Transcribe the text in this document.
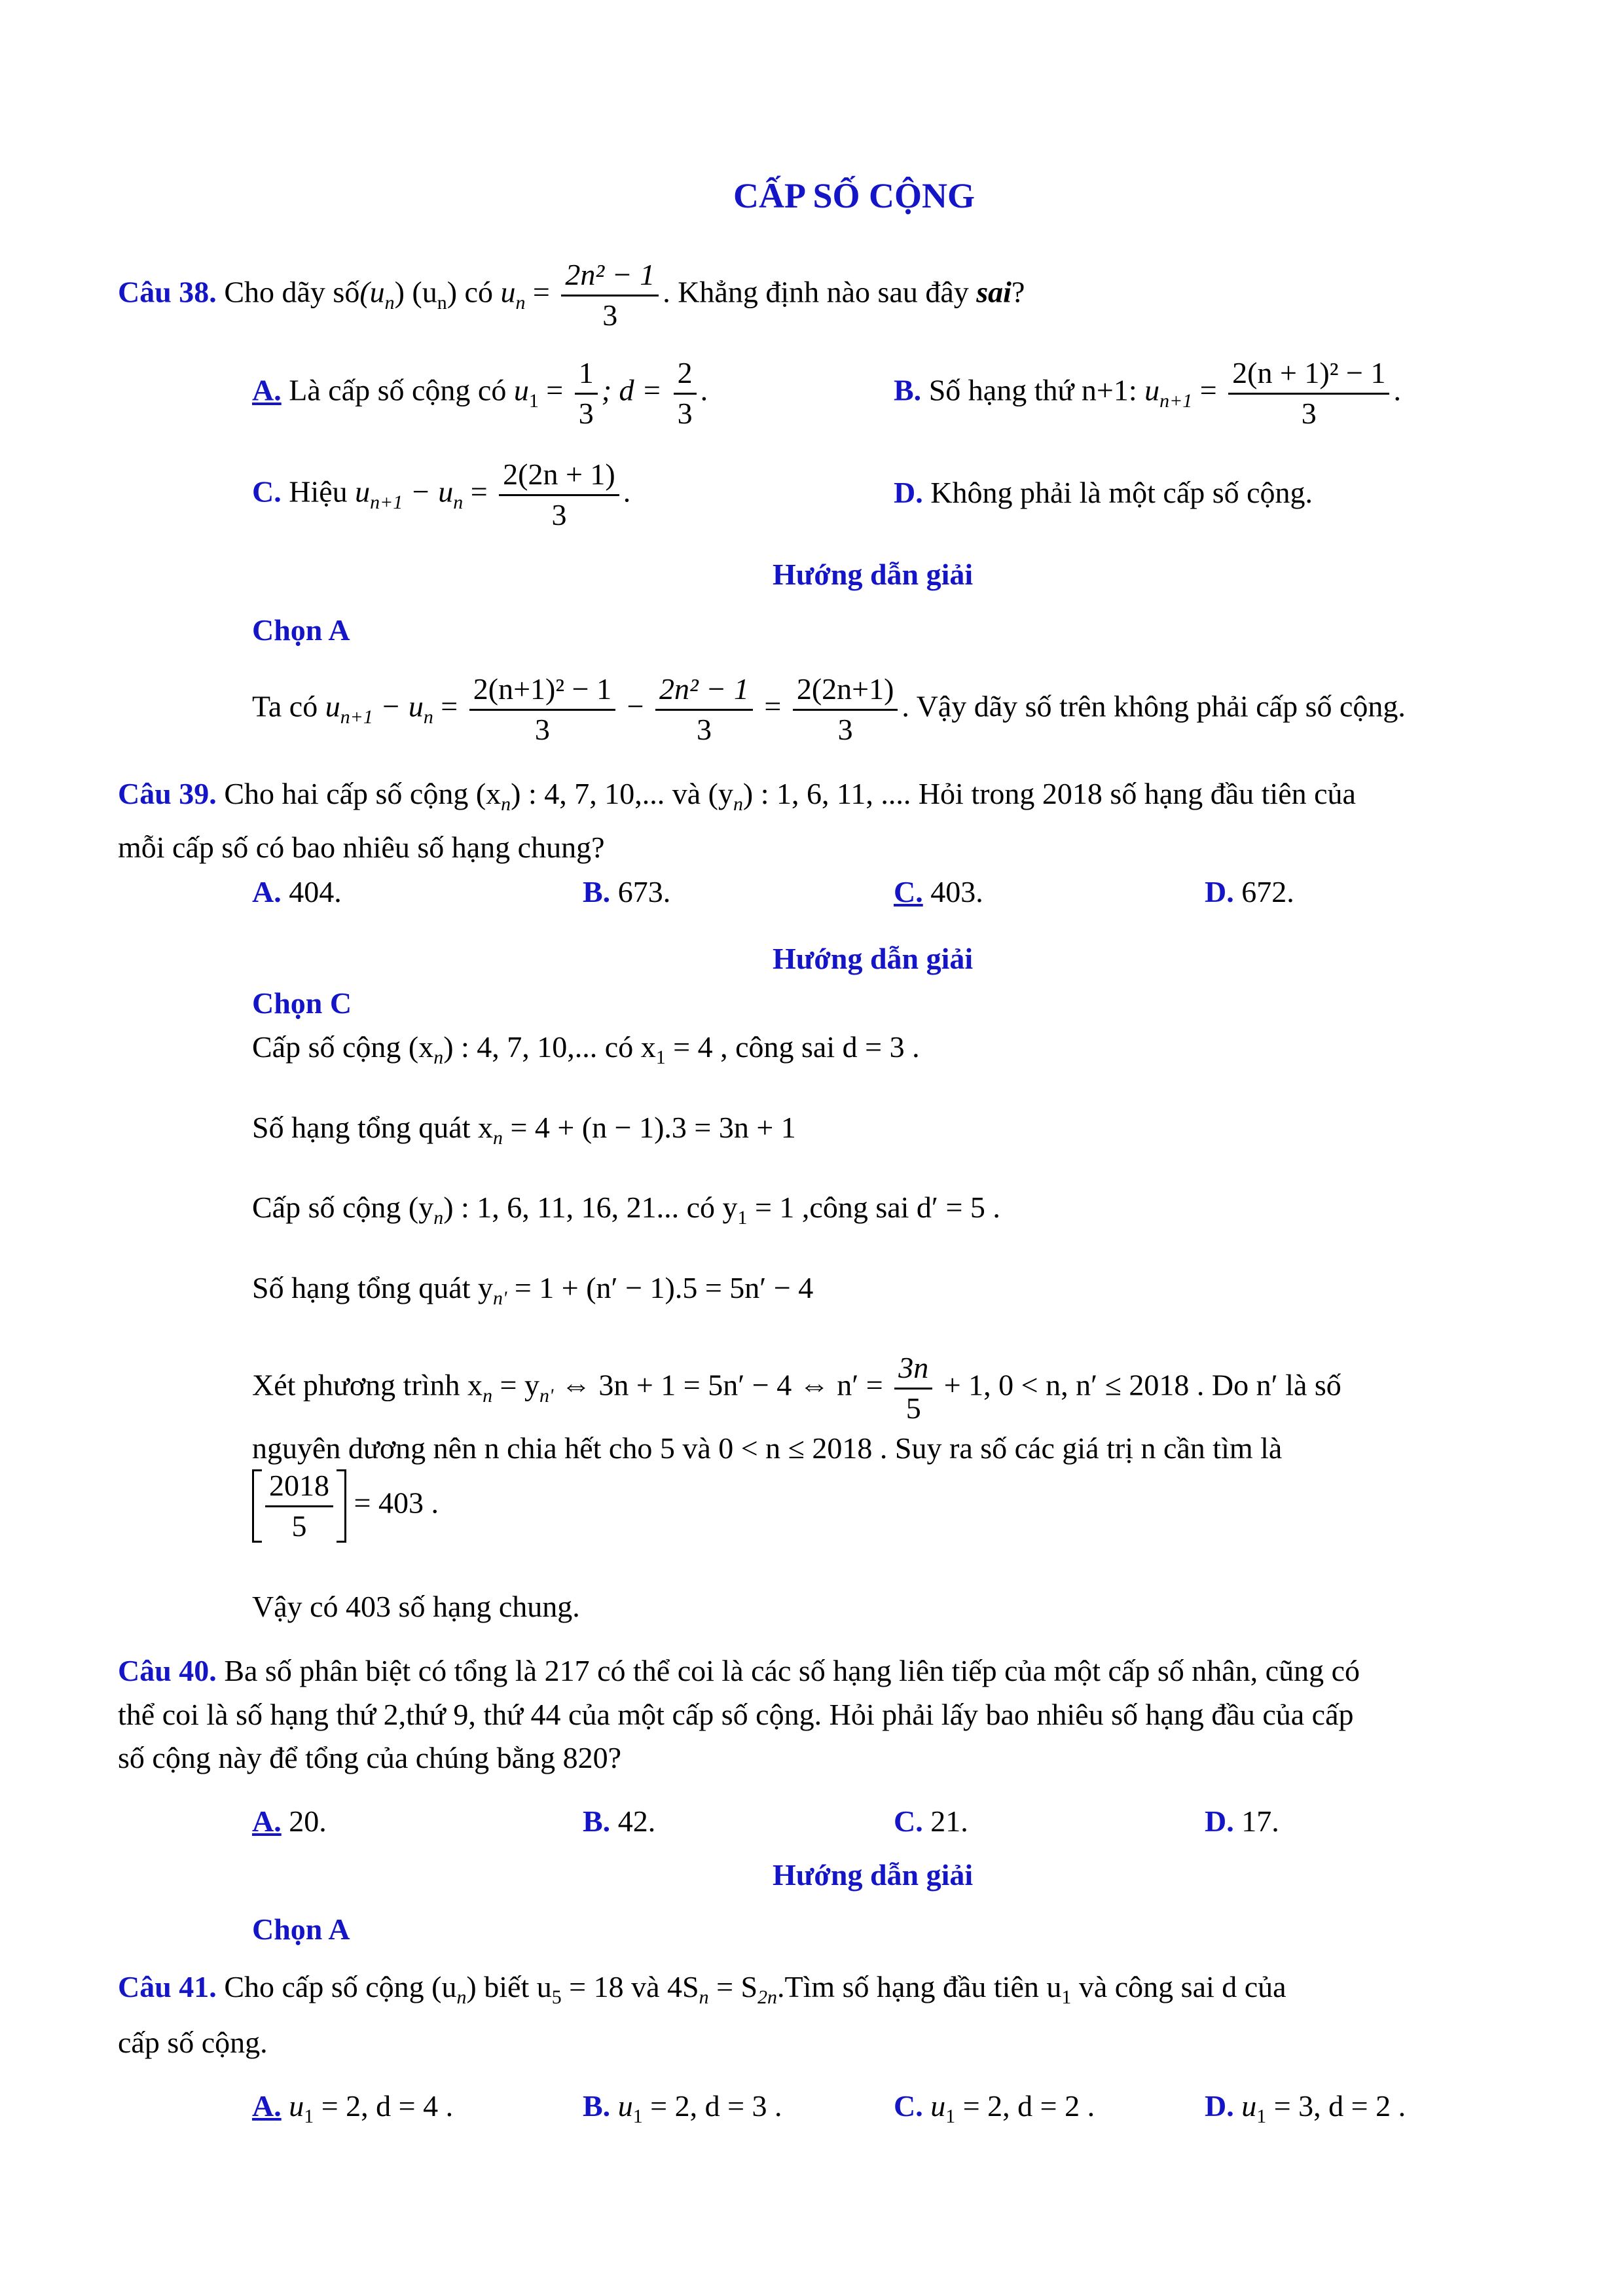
CẤP SỐ CỘNG
Câu 38. Cho dãy $số(u_n)$ $(u_n)$ có $u_n = \frac{\text{2n² − 1}}{3}$ . Khẳng định nào sau đây sai?
A. Là cấp số cộng có $u_1 = \frac{1}{3}$ ; $d = \frac{2}{3}$ .	B. Số hạng thứ n+1: $u_{n+1} = \frac{\text{2(n + 1)² − 1}}{3}$ .
C. Hiệu $u_{n+1} - u_n = \frac{2(2n + 1)}{3}$ .	D. Không phải là một cấp số cộng.
Hướng dẫn giải
Chọn A
Ta có $u_{n+1} - u_n = \frac{\text{2(n+1)² − 1}}{3} - \frac{\text{2n² − 1}}{3} = \frac{2(2n+1)}{3}$ . Vậy dãy số trên không phải cấp số cộng.
Câu 39. Cho hai cấp số cộng $(x_n)$ : 4, 7, 10,... và $(y_n)$ : 1, 6, 11, .... Hỏi trong 2018 số hạng đầu tiên của
mỗi cấp số có bao nhiêu số hạng chung?
A. 404.	B. 673.	C. 403.	D. 672.
Hướng dẫn giải
Chọn C
Cấp số cộng $(x_n)$ : 4, 7, 10,... có $x_1 = 4$ , công sai d = 3 .
Số hạng tổng quát $x_n = 4 + (n - 1).3 = 3n + 1$
Cấp số cộng $(y_n)$ : 1, 6, 11, 16, 21... có $y_1 = 1$ ,công sai d′ = 5 .
Số hạng tổng quát $y_{n'} = 1 + (n' - 1).5 = 5n' - 4$
Xét phương trình $x_n = y_{n'}$ ⇔ 3n + 1 = 5n′ − 4 ⇔ $n' = \frac{3n}{5} + 1$, 0 < n, n′ ≤ 2018 . Do n′ là số
nguyên dương nên n chia hết cho 5 và 0 < n ≤ 2018 . Suy ra số các giá trị n cần tìm là
$\frac{2018}{5} = 403$ .
Vậy có 403 số hạng chung.
Câu 40. Ba số phân biệt có tổng là 217 có thể coi là các số hạng liên tiếp của một cấp số nhân, cũng có
thể coi là số hạng thứ 2,thứ 9, thứ 44 của một cấp số cộng. Hỏi phải lấy bao nhiêu số hạng đầu của cấp
số cộng này để tổng của chúng bằng 820?
A. 20.	B. 42.	C. 21.	D. 17.
Hướng dẫn giải
Chọn A
Câu 41. Cho cấp số cộng $(u_n)$ biết $u_5 = 18$ và $4S_n$ = $S_{2n}.Tìm$ số hạng đầu tiên $u_1$ và công sai d của
cấp số cộng.
A. $u_1 = 2$, d = 4 .	B. $u_1 = 2$, d = 3 .	C. $u_1 = 2$, d = 2 .	D. $u_1 = 3$, d = 2 .
